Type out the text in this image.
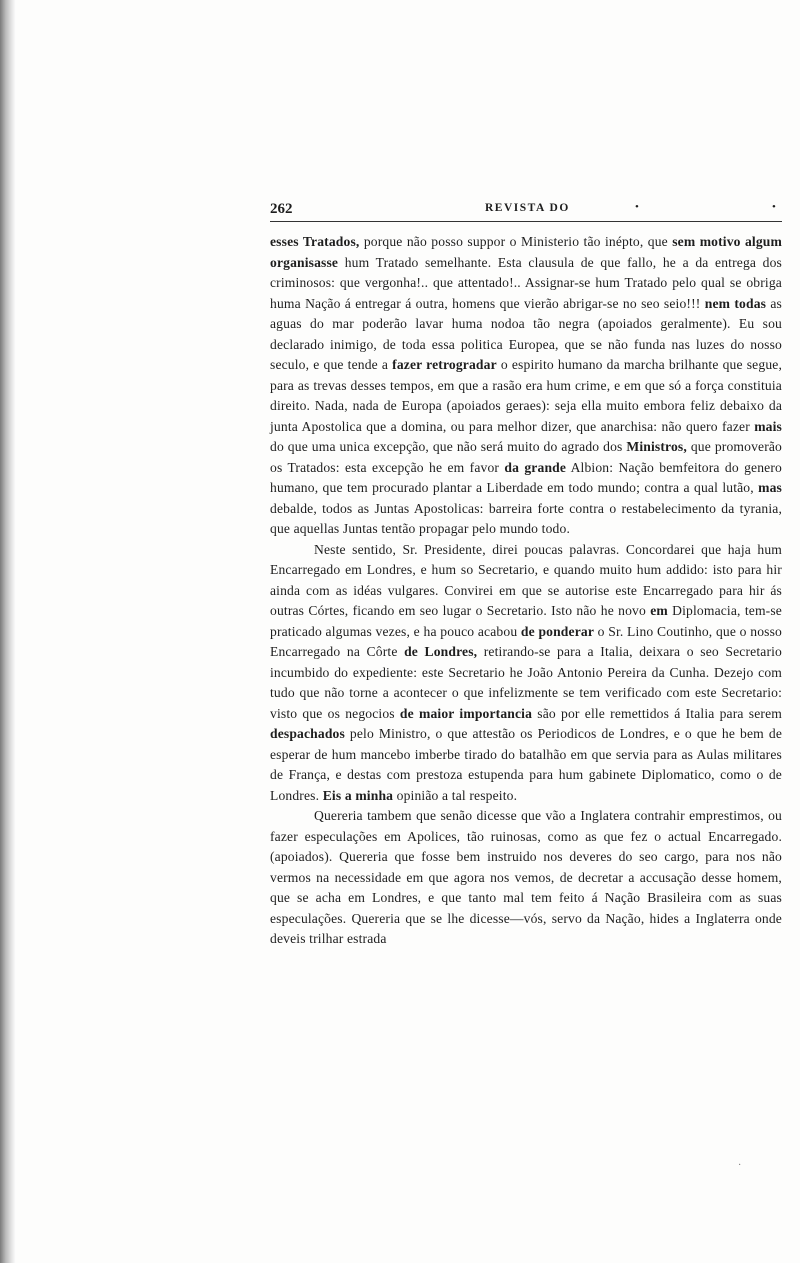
262	REVISTA DO	•	•

esses Tratados, porque não posso suppor o Ministerio tão inépto, que sem motivo algum organisasse hum Tratado semelhante. Esta clausula de que fallo, he a da entrega dos criminosos: que vergonha!.. que attentado!.. Assignar-se hum Tratado pelo qual se obriga huma Nação á entregar á outra, homens que vierão abrigar-se no seo seio!!! nem todas as aguas do mar poderão lavar huma nodoa tão negra (apoiados geralmente). Eu sou declarado inimigo, de toda essa politica Europea, que se não funda nas luzes do nosso seculo, e que tende a fazer retrogradar o espirito humano da marcha brilhante que segue, para as trevas desses tempos, em que a rasão era hum crime, e em que só a força constituia direito. Nada, nada de Europa (apoiados geraes): seja ella muito embora feliz debaixo da junta Apostolica que a domina, ou para melhor dizer, que anarchisa: não quero fazer mais do que uma unica excepção, que não será muito do agrado dos Ministros, que promoverão os Tratados: esta excepção he em favor da grande Albion: Nação bemfeitora do genero humano, que tem procurado plantar a Liberdade em todo mundo; contra a qual lutão, mas debalde, todos as Juntas Apostolicas: barreira forte contra o restabelecimento da tyrania, que aquellas Juntas tentão propagar pelo mundo todo.

Neste sentido, Sr. Presidente, direi poucas palavras. Concordarei que haja hum Encarregado em Londres, e hum so Secretario, e quando muito hum addido: isto para hir ainda com as idéas vulgares. Convirei em que se autorise este Encarregado para hir ás outras Córtes, ficando em seo lugar o Secretario. Isto não he novo em Diplomacia, tem-se praticado algumas vezes, e ha pouco acabou de ponderar o Sr. Lino Coutinho, que o nosso Encarregado na Côrte de Londres, retirando-se para a Italia, deixara o seo Secretario incumbido do expediente: este Secretario he João Antonio Pereira da Cunha. Dezejo com tudo que não torne a acontecer o que infelizmente se tem verificado com este Secretario: visto que os negocios de maior importancia são por elle remettidos á Italia para serem despachados pelo Ministro, o que attestão os Periodicos de Londres, e o que he bem de esperar de hum mancebo imberbe tirado do batalhão em que servia para as Aulas militares de França, e destas com prestoza estupenda para hum gabinete Diplomatico, como o de Londres. Eis a minha opinião a tal respeito.

Quereria tambem que senão dicesse que vão a Inglatera contrahir emprestimos, ou fazer especulações em Apolices, tão ruinosas, como as que fez o actual Encarregado. (apoiados). Quereria que fosse bem instruido nos deveres do seo cargo, para nos não vermos na necessidade em que agora nos vemos, de decretar a accusação desse homem, que se acha em Londres, e que tanto mal tem feito á Nação Brasileira com as suas especulações. Quereria que se lhe dicesse—vós, servo da Nação, hides a Inglaterra onde deveis trilhar estrada

·
